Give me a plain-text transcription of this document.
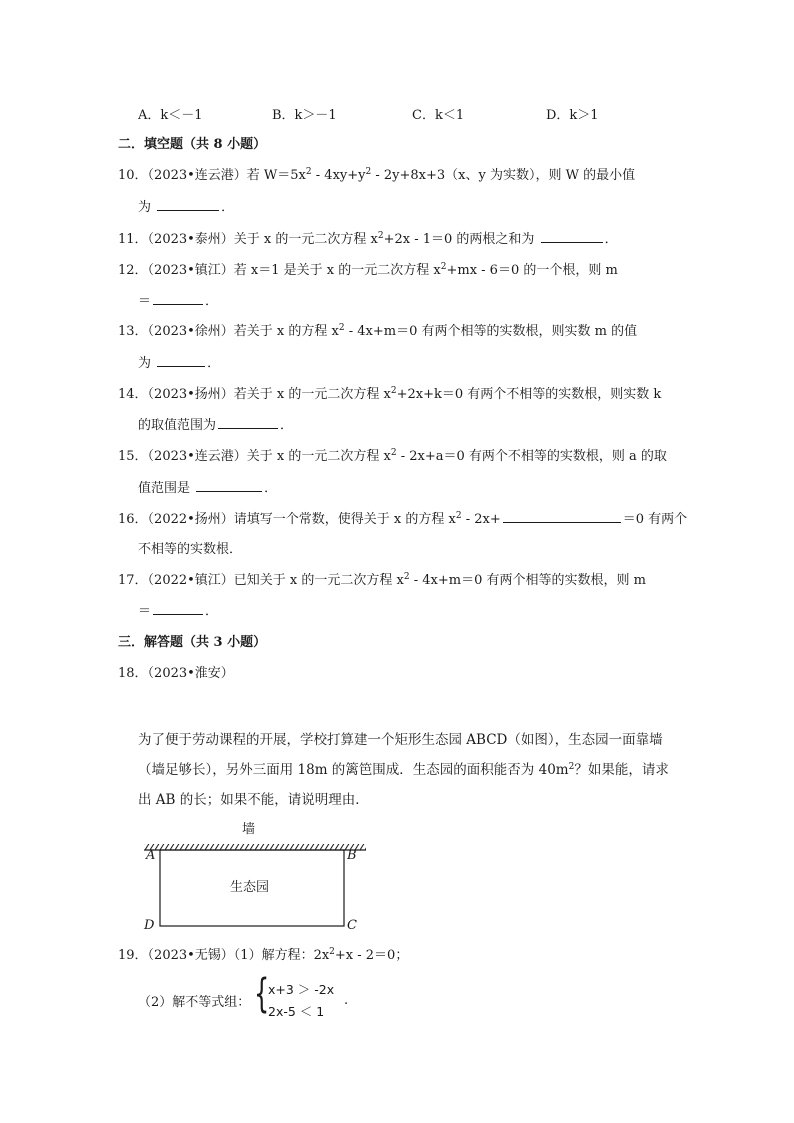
A．k＜－1	B．k＞－1	C．k＜1	D．k＞1
二．填空题（共 8 小题）
10．（2023•连云港）若 $W=5x^2 - 4xy+y^2 - 2y+8x+3(x$、y 为实数），则 W 的最小值
为	．
11．（2023•泰州）关于 x 的一元二次方程 $x^2+2x - 1=0$ 的两根之和为	．
12．（2023•镇江）若 x＝1 是关于 x 的一元二次方程 $x^2+mx - 6=0$ 的一个根，则 m
＝	．
13．（2023•徐州）若关于 x 的方程 $x^2 - 4x+m=0$ 有两个相等的实数根，则实数 m 的值
为	．
14．（2023•扬州）若关于 x 的一元二次方程 $x^2+2x+k=0$ 有两个不相等的实数根，则实数 k
的取值范围为	．
15．（2023•连云港）关于 x 的一元二次方程 $x^2 - 2x+a=0$ 有两个不相等的实数根，则 a 的取
值范围是	．
16．（2022•扬州）请填写一个常数，使得关于 x 的方程 $x^2 - 2x+$	＝0 有两个
不相等的实数根．
17．（2022•镇江）已知关于 x 的一元二次方程 $x^2 - 4x+m=0$ 有两个相等的实数根，则 m
＝	．
三．解答题（共 3 小题）
18．（2023•淮安）
为了便于劳动课程的开展，学校打算建一个矩形生态园 ABCD（如图），生态园一面靠墙
（墙足够长），另外三面用 18m 的篱笆围成．生态园的面积能否为 $40m^2$？如果能，请求
出 AB 的长；如果不能，请说明理由．
墙
A	B
C
D
生态园
19．（2023•无锡）（1）解方程：$2x^2+x - 2=0$；
（2）解不等式组： {
x+3 ＞ -2x
2x-5 ＜ 1
.
